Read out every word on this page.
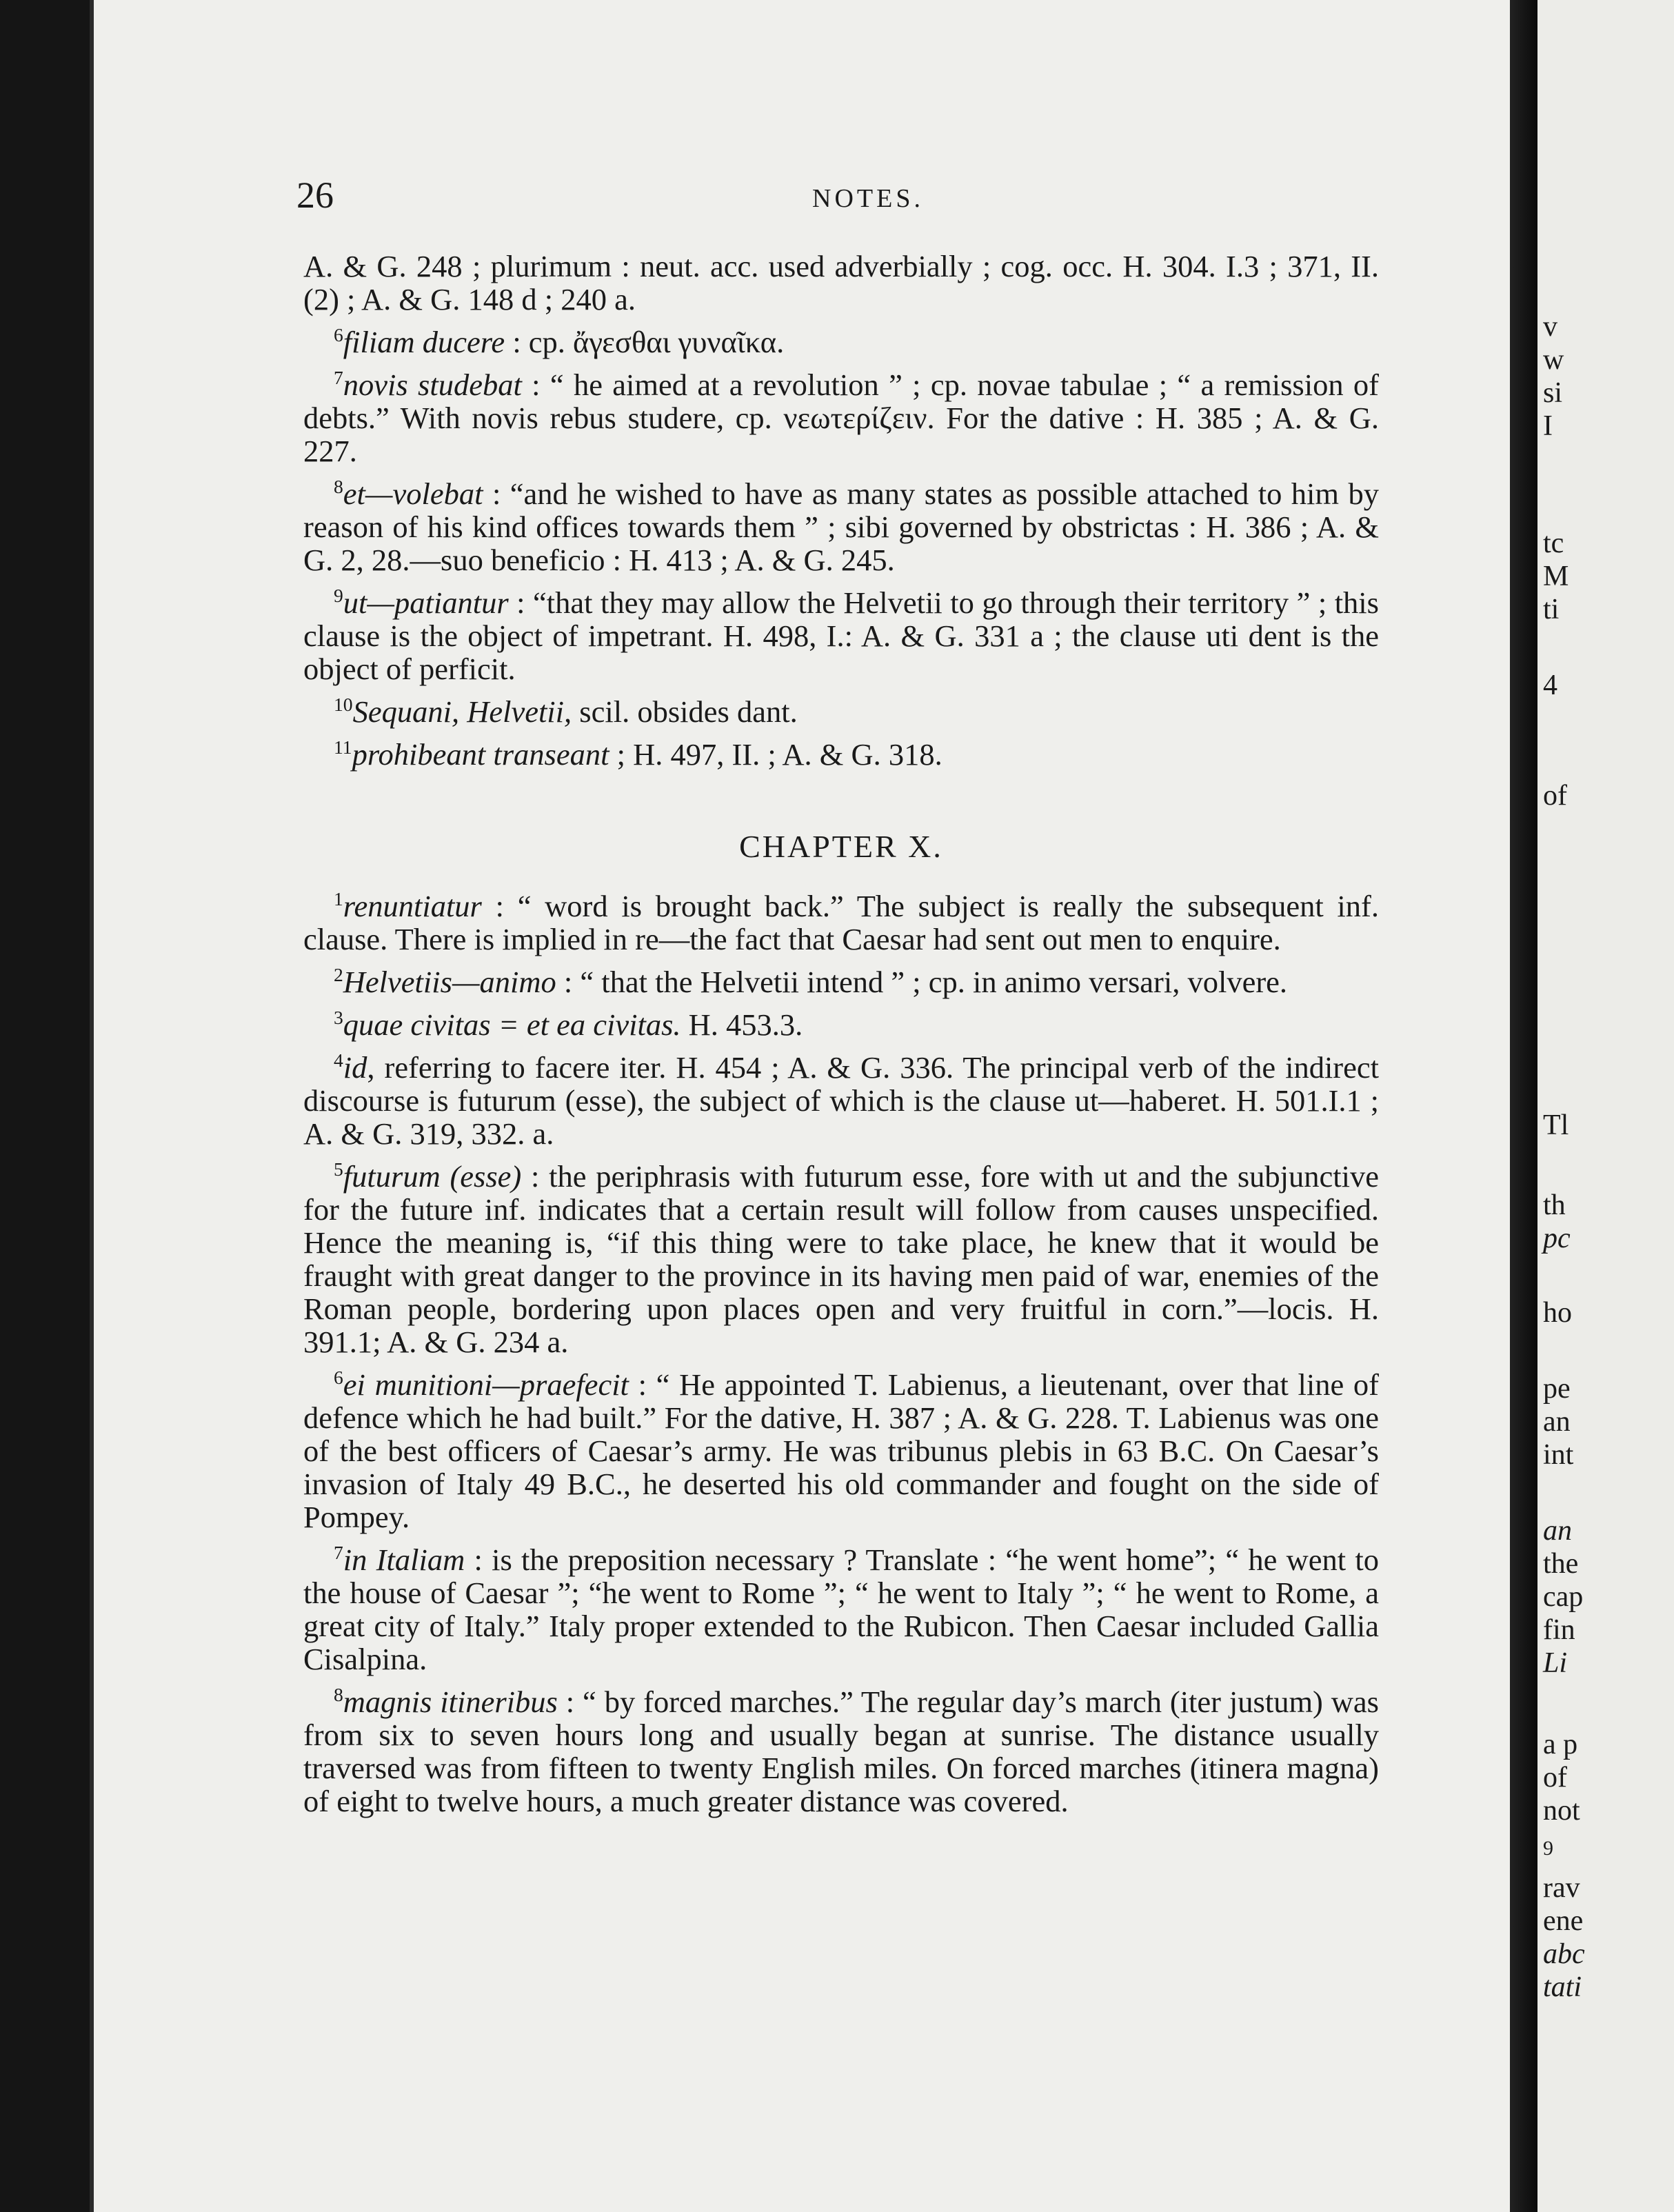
v
w
si
I
tc
M
ti
4
of
Tl
th
pc
ho
pe
an
int
an
the
cap
fin
Li
a p
of
not
9
rav
ene
abc
tati
26	NOTES.

A. & G. 248 ; plurimum : neut. acc. used adverbially ; cog. occ. H. 304. I.3 ; 371, II. (2) ; A. & G. 148 d ; 240 a.

$^6$filiam ducere : cp. ἄγεσθαι γυναῖκα.

$^7$novis studebat : “ he aimed at a revolution ” ; cp. novae tabulae ; “ a remission of debts.” With novis rebus studere, cp. νεωτερίζειν. For the dative : H. 385 ; A. & G. 227.

$^8$et—volebat : “and he wished to have as many states as possible attached to him by reason of his kind offices towards them ” ; sibi governed by obstrictas : H. 386 ; A. & G. 2, 28.—suo beneficio : H. 413 ; A. & G. 245.

$^9$ut—patiantur : “that they may allow the Helvetii to go through their territory ” ; this clause is the object of impetrant. H. 498, I.: A. & G. 331 a ; the clause uti dent is the object of perficit.

$^{10}$Sequani, Helvetii, scil. obsides dant.

$^{11}$prohibeant transeant ; H. 497, II. ; A. & G. 318.

CHAPTER X.

$^1$renuntiatur : “ word is brought back.” The subject is really the subsequent inf. clause. There is implied in re—the fact that Caesar had sent out men to enquire.

$^2$Helvetiis—animo : “ that the Helvetii intend ” ; cp. in animo versari, volvere.

$^3$quae civitas = et ea civitas. H. 453.3.

$^4$id, referring to facere iter. H. 454 ; A. & G. 336. The principal verb of the indirect discourse is futurum (esse), the subject of which is the clause ut—haberet. H. 501.I.1 ; A. & G. 319, 332. a.

$^5$futurum (esse) : the periphrasis with futurum esse, fore with ut and the subjunctive for the future inf. indicates that a certain result will follow from causes unspecified. Hence the meaning is, “if this thing were to take place, he knew that it would be fraught with great danger to the province in its having men paid of war, enemies of the Roman people, bordering upon places open and very fruitful in corn.”—locis. H. 391.1; A. & G. 234 a.

$^6$ei munitioni—praefecit : “ He appointed T. Labienus, a lieutenant, over that line of defence which he had built.” For the dative, H. 387 ; A. & G. 228. T. Labienus was one of the best officers of Caesar’s army. He was tribunus plebis in 63 B.C. On Caesar’s invasion of Italy 49 B.C., he deserted his old commander and fought on the side of Pompey.

$^7$in Italiam : is the preposition necessary ? Translate : “he went home”; “ he went to the house of Caesar ”; “he went to Rome ”; “ he went to Italy ”; “ he went to Rome, a great city of Italy.” Italy proper extended to the Rubicon. Then Caesar included Gallia Cisalpina.

$^8$magnis itineribus : “ by forced marches.” The regular day’s march (iter justum) was from six to seven hours long and usually began at sunrise. The distance usually traversed was from fifteen to twenty English miles. On forced marches (itinera magna) of eight to twelve hours, a much greater distance was covered.
